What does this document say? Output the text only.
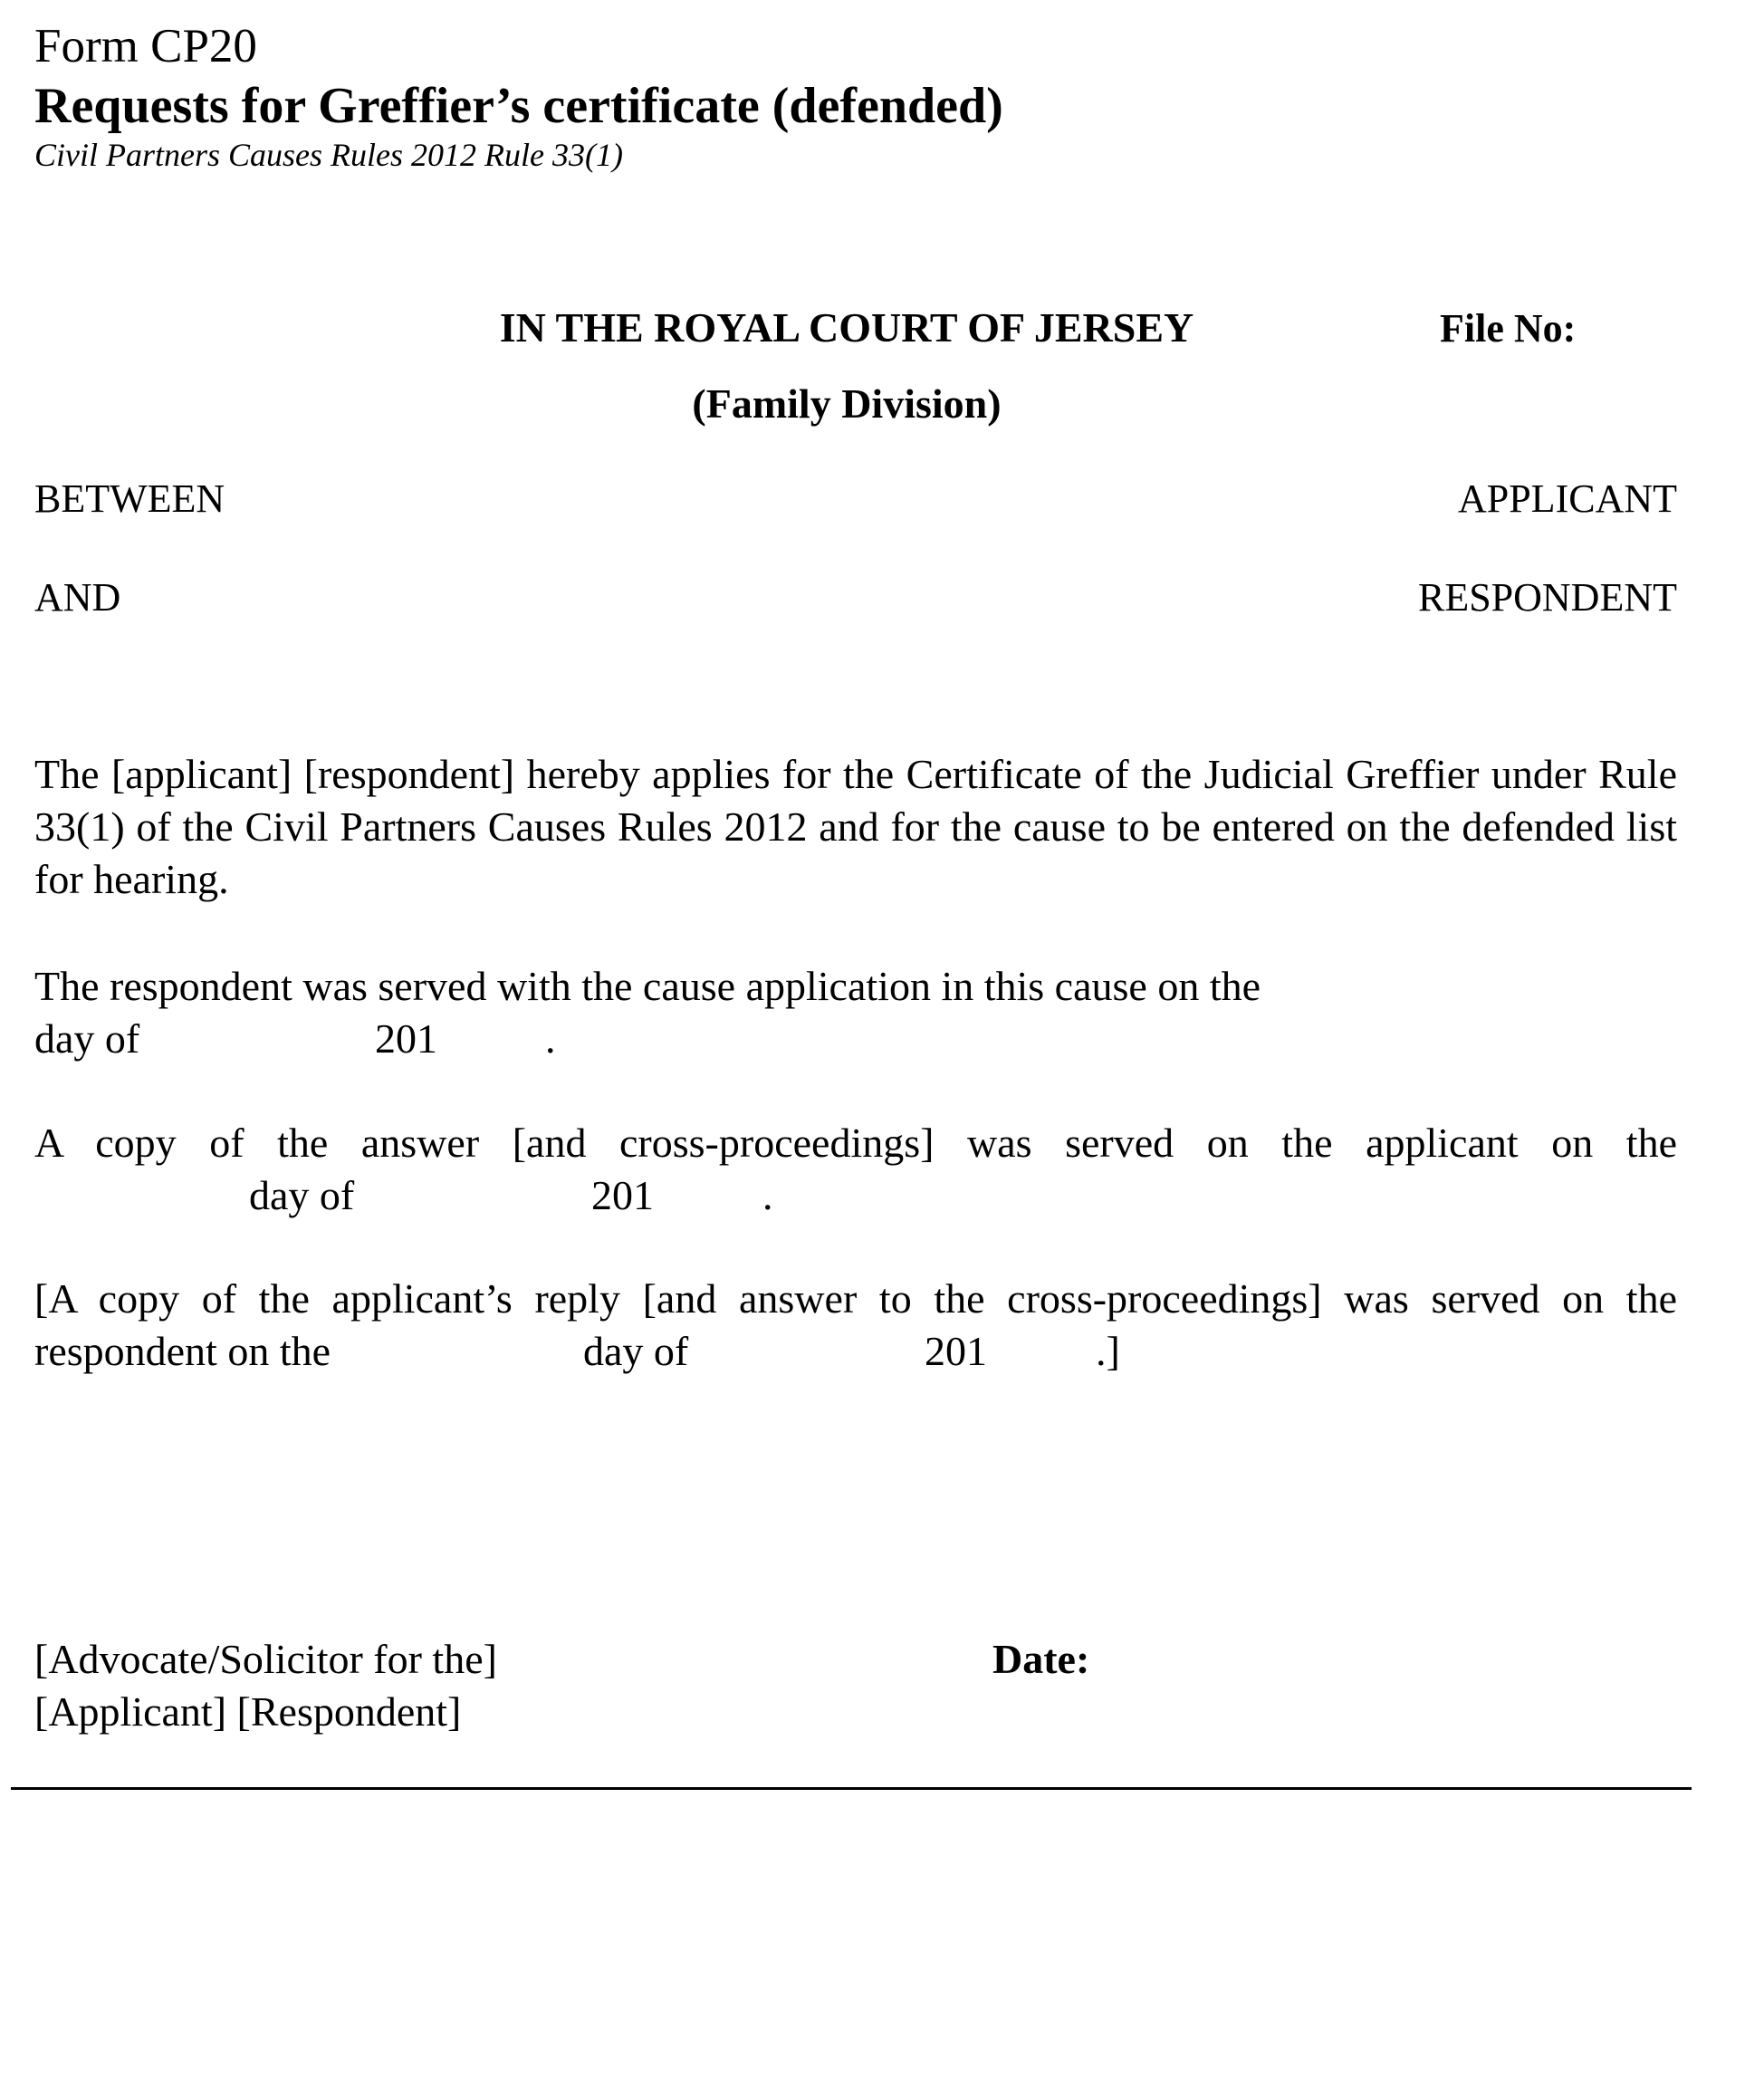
Form CP20
Requests for Greffier’s certificate (defended)
Civil Partners Causes Rules 2012 Rule 33(1)
IN THE ROYAL COURT OF JERSEY
(Family Division)
File No:
BETWEEN	APPLICANT
AND	RESPONDENT
The [applicant] [respondent] hereby applies for the Certificate of the Judicial Greffier under Rule 33(1) of the Civil Partners Causes Rules 2012 and for the cause to be entered on the defended list for hearing.
The respondent was served with the cause application in this cause on the
day of	201	.
A copy of the answer [and cross-proceedings] was served on the applicant on the
day of	201	.
[A copy of the applicant’s reply [and answer to the cross-proceedings] was served on the
respondent on the	day of	201	.]
[Advocate/Solicitor for the]
[Applicant] [Respondent]
Date:
